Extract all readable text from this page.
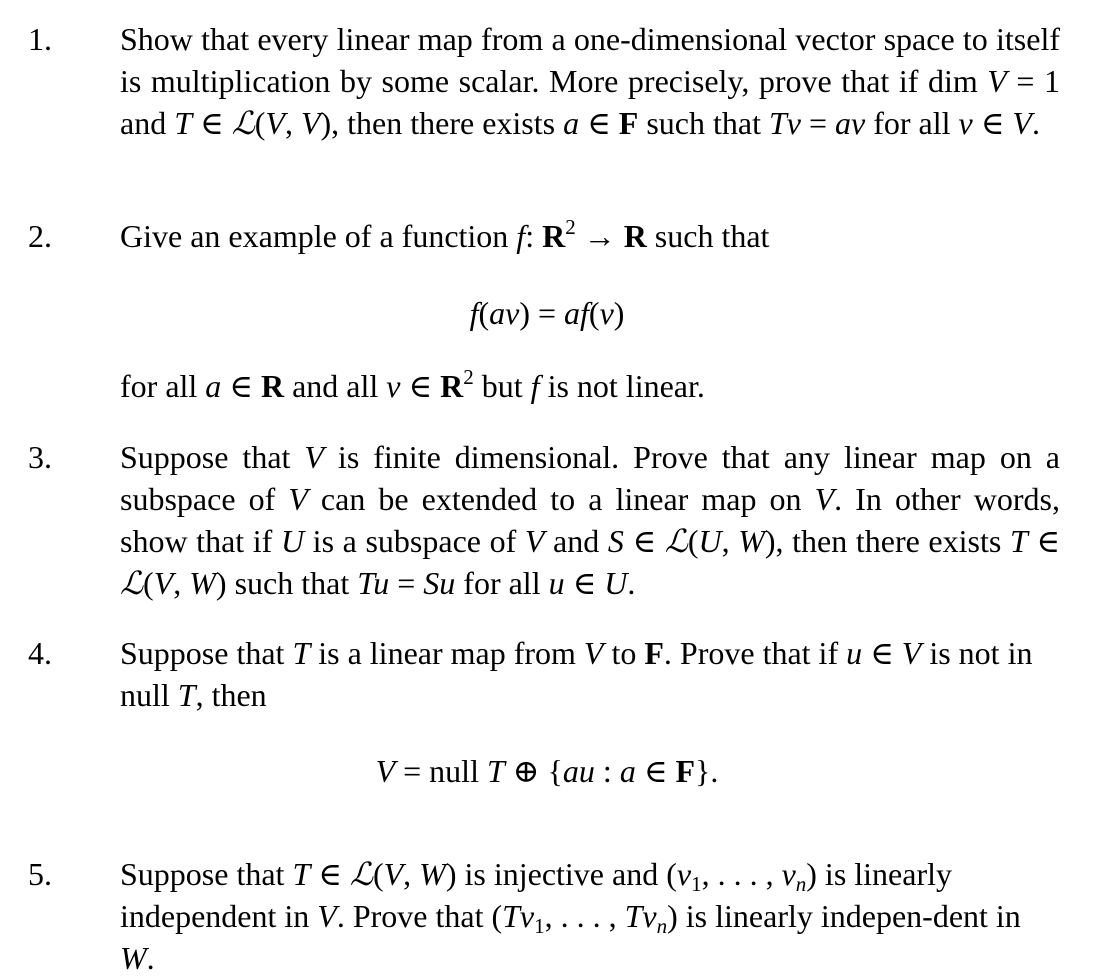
1. Show that every linear map from a one-dimensional vector space to itself is multiplication by some scalar. More precisely, prove that if dim V = 1 and T ∈ ℒ(V, V), then there exists a ∈ F such that Tv = av for all v ∈ V.
2. Give an example of a function f: $R^2 \to R$ such that
f(av) = af(v)
for all a ∈ R and all v ∈ $R^2$ but f is not linear.
3. Suppose that V is finite dimensional. Prove that any linear map on a subspace of V can be extended to a linear map on V. In other words, show that if U is a subspace of V and S ∈ ℒ(U, W), then there exists T ∈ ℒ(V, W) such that Tu = Su for all u ∈ U.
4. Suppose that T is a linear map from V to F. Prove that if u ∈ V is not in null T, then
V = null T ⊕ {au : a ∈ F}.
5. Suppose that T ∈ ℒ(V, W) is injective and ($v_1$, . . . , $v_n$) is linearly independent in V. Prove that ($Tv_1$, . . . , $Tv_n$) is linearly indepen-dent in W.
